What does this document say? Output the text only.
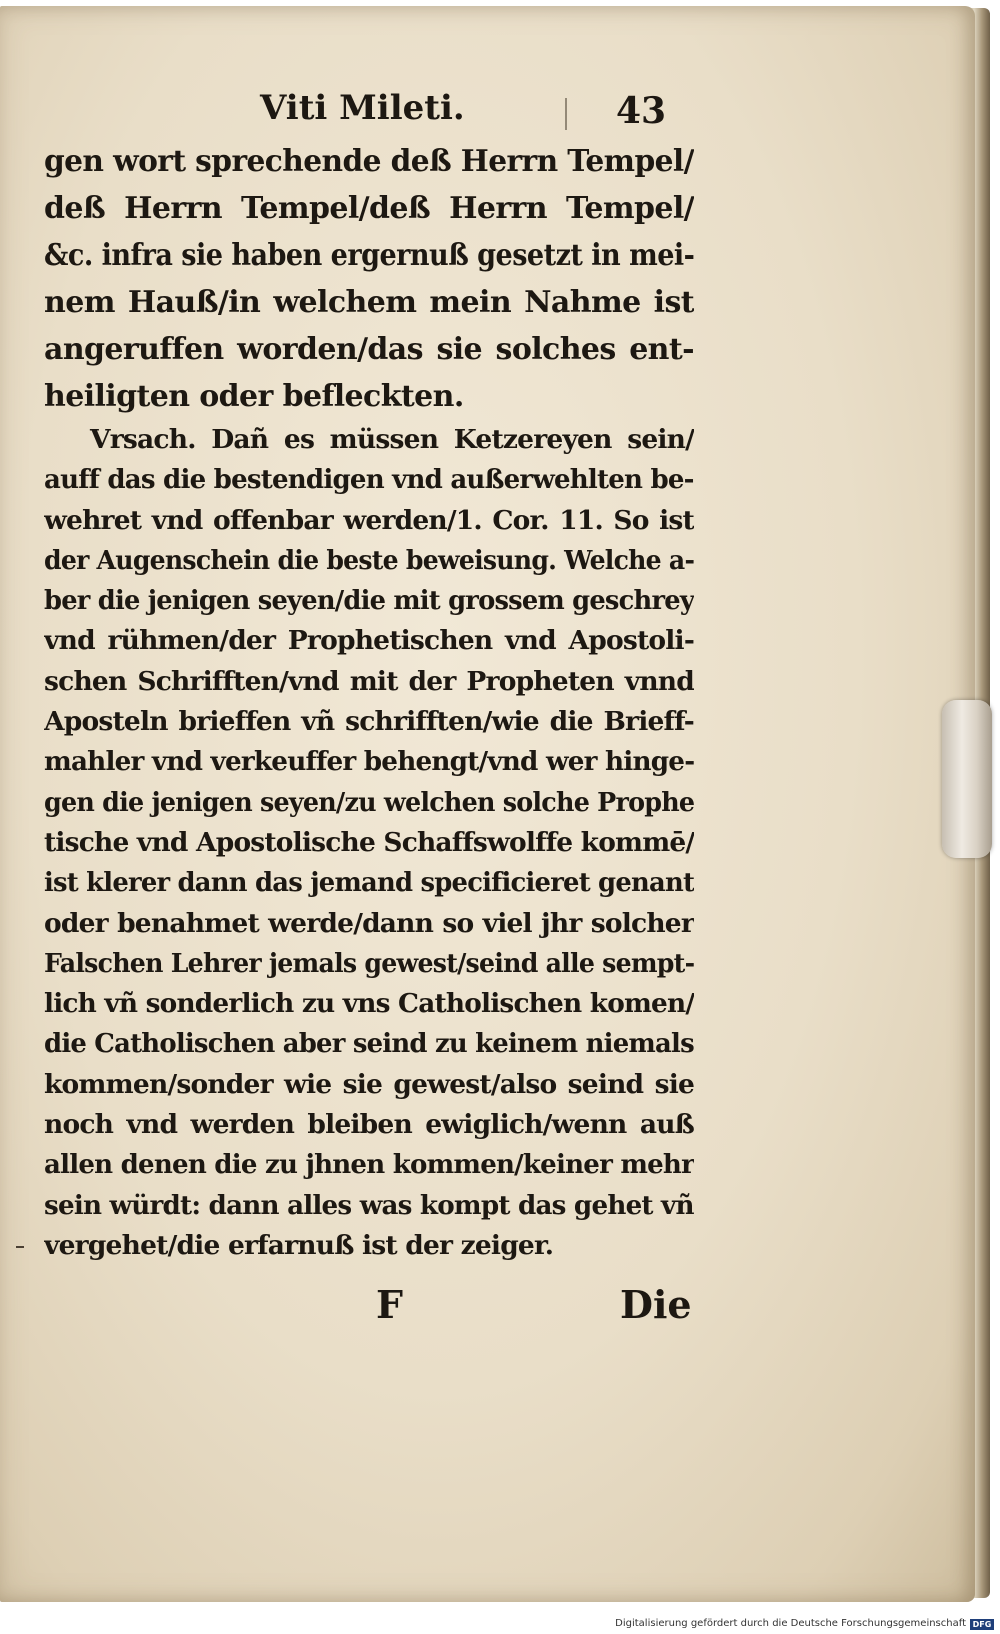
Viti Mileti.	43
gen wort sprechende deß Herrn Tempel/
deß Herrn Tempel/deß Herrn Tempel/
&c. infra sie haben ergernuß gesetzt in mei-
nem Hauß/in welchem mein Nahme ist
angeruffen worden/das sie solches ent-
heiligten oder befleckten.
Vrsach. Dañ es müssen Ketzereyen sein/
auff das die bestendigen vnd außerwehlten be-
wehret vnd offenbar werden/1. Cor. 11. So ist
der Augenschein die beste beweisung. Welche a-
ber die jenigen seyen/die mit grossem geschrey
vnd rühmen/der Prophetischen vnd Apostoli-
schen Schrifften/vnd mit der Propheten vnnd
Aposteln brieffen vñ schrifften/wie die Brieff-
mahler vnd verkeuffer behengt/vnd wer hinge-
gen die jenigen seyen/zu welchen solche Prophe
tische vnd Apostolische Schaffswolffe kommē/
ist klerer dann das jemand specificieret genant
oder benahmet werde/dann so viel jhr solcher
Falschen Lehrer jemals gewest/seind alle sempt-
lich vñ sonderlich zu vns Catholischen komen/
die Catholischen aber seind zu keinem niemals
kommen/sonder wie sie gewest/also seind sie
noch vnd werden bleiben ewiglich/wenn auß
allen denen die zu jhnen kommen/keiner mehr
sein würdt: dann alles was kompt das gehet vñ
vergehet/die erfarnuß ist der zeiger.
F	Die
Digitalisierung gefördert durch die Deutsche Forschungsgemeinschaft DFG
